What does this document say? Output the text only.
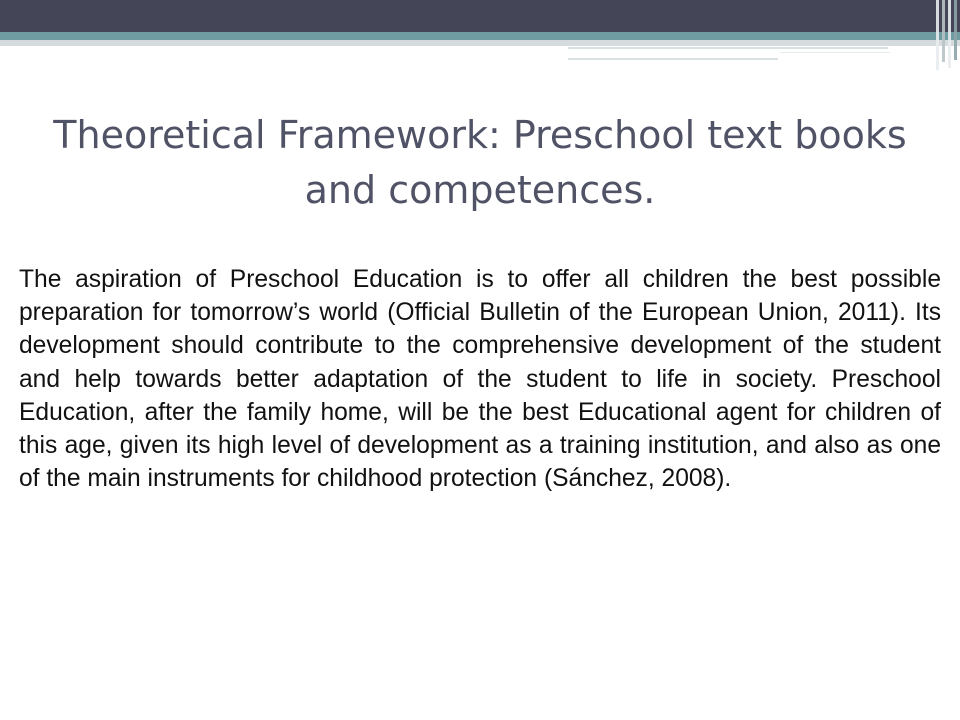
Theoretical Framework: Preschool text books and competences.

The aspiration of Preschool Education is to offer all children the best possible preparation for tomorrow’s world (Official Bulletin of the European Union, 2011). Its development should contribute to the comprehensive development of the student and help towards better adaptation of the student to life in society. Preschool Education, after the family home, will be the best Educational agent for children of this age, given its high level of development as a training institution, and also as one of the main instruments for childhood protection (Sánchez, 2008).
